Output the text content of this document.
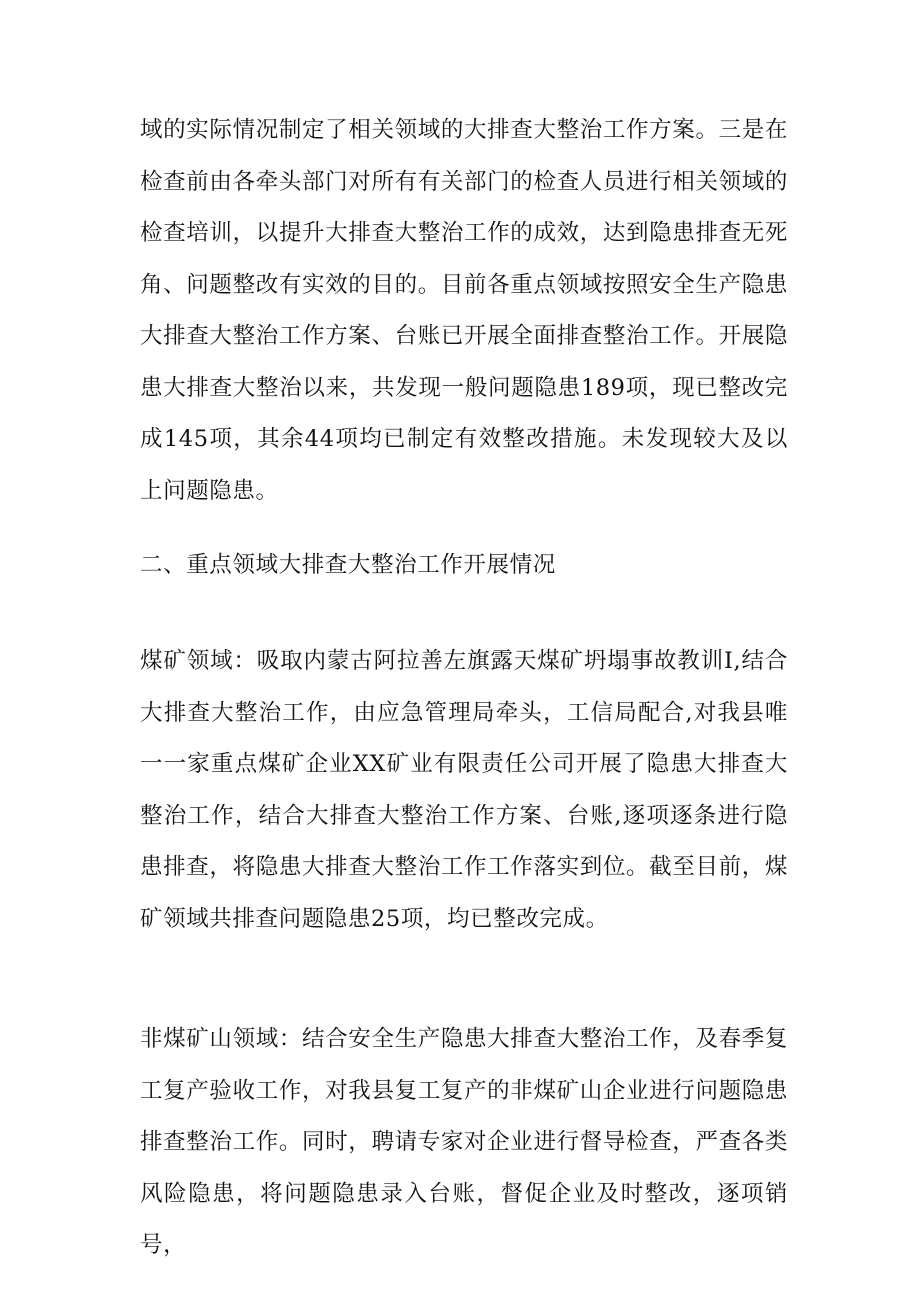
域的实际情况制定了相关领域的大排查大整治工作方案。三是在检查前由各牵头部门对所有有关部门的检查人员进行相关领域的检查培训，以提升大排查大整治工作的成效，达到隐患排查无死角、问题整改有实效的目的。目前各重点领域按照安全生产隐患大排查大整治工作方案、台账已开展全面排查整治工作。开展隐患大排查大整治以来，共发现一般问题隐患189项，现已整改完成145项，其余44项均已制定有效整改措施。未发现较大及以上问题隐患。

二、重点领域大排查大整治工作开展情况

煤矿领域：吸取内蒙古阿拉善左旗露天煤矿坍塌事故教训I,结合大排查大整治工作，由应急管理局牵头，工信局配合,对我县唯一一家重点煤矿企业XX矿业有限责任公司开展了隐患大排查大整治工作，结合大排查大整治工作方案、台账,逐项逐条进行隐患排查，将隐患大排查大整治工作工作落实到位。截至目前，煤矿领域共排查问题隐患25项，均已整改完成。

非煤矿山领域：结合安全生产隐患大排查大整治工作，及春季复工复产验收工作，对我县复工复产的非煤矿山企业进行问题隐患排查整治工作。同时，聘请专家对企业进行督导检查，严查各类风险隐患，将问题隐患录入台账，督促企业及时整改，逐项销号，
